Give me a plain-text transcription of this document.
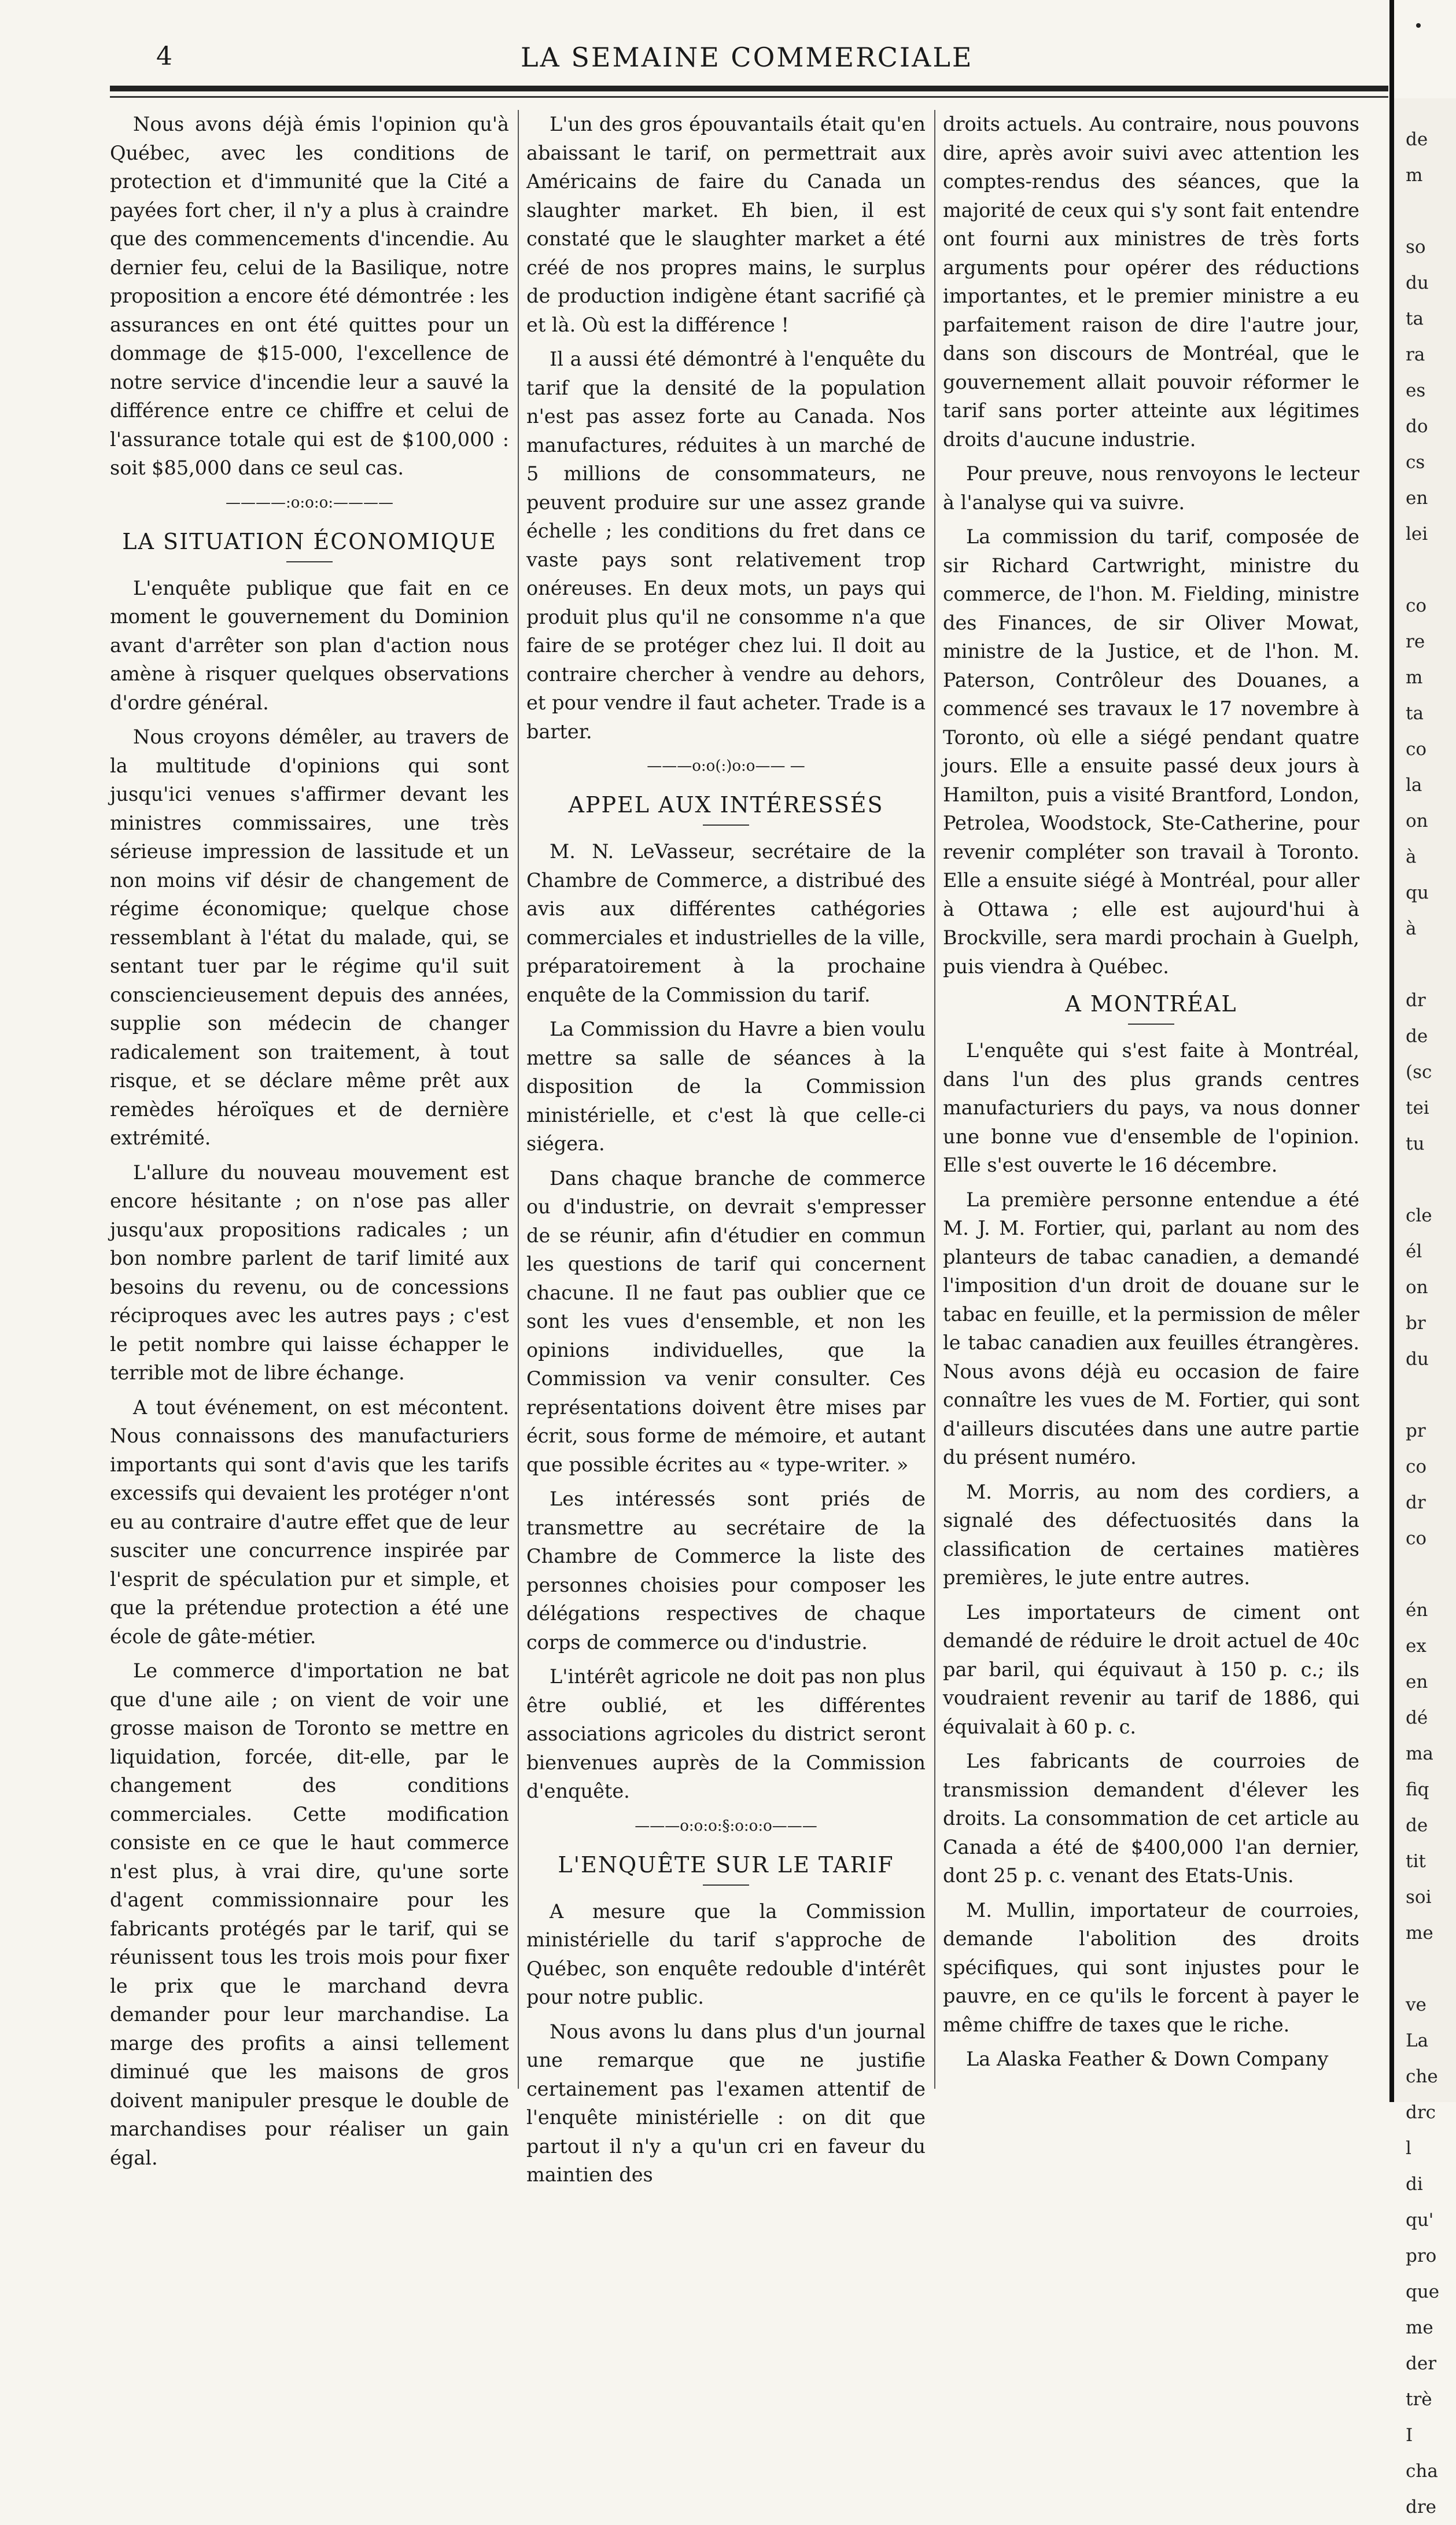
4	LA SEMAINE COMMERCIALE

Nous avons déjà émis l'opinion qu'à Québec, avec les conditions de protection et d'immunité que la Cité a payées fort cher, il n'y a plus à craindre que des commencements d'incendie. Au dernier feu, celui de la Basilique, notre proposition a encore été démontrée : les assurances en ont été quittes pour un dommage de $15-000, l'excellence de notre service d'incendie leur a sauvé la différence entre ce chiffre et celui de l'assurance totale qui est de $100,000 : soit $85,000 dans ce seul cas.

————:o:o:o:————
LA SITUATION ÉCONOMIQUE

L'enquête publique que fait en ce moment le gouvernement du Dominion avant d'arrêter son plan d'action nous amène à risquer quelques observations d'ordre général.

Nous croyons démêler, au travers de la multitude d'opinions qui sont jusqu'ici venues s'affirmer devant les ministres commissaires, une très sérieuse impression de lassitude et un non moins vif désir de changement de régime économique; quelque chose ressemblant à l'état du malade, qui, se sentant tuer par le régime qu'il suit consciencieusement depuis des années, supplie son médecin de changer radicalement son traitement, à tout risque, et se déclare même prêt aux remèdes héroïques et de dernière extrémité.

L'allure du nouveau mouvement est encore hésitante ; on n'ose pas aller jusqu'aux propositions radicales ; un bon nombre parlent de tarif limité aux besoins du revenu, ou de concessions réciproques avec les autres pays ; c'est le petit nombre qui laisse échapper le terrible mot de libre échange.

A tout événement, on est mécontent. Nous connaissons des manufacturiers importants qui sont d'avis que les tarifs excessifs qui devaient les protéger n'ont eu au contraire d'autre effet que de leur susciter une concurrence inspirée par l'esprit de spéculation pur et simple, et que la prétendue protection a été une école de gâte-métier.

Le commerce d'importation ne bat que d'une aile ; on vient de voir une grosse maison de Toronto se mettre en liquidation, forcée, dit-elle, par le changement des conditions commerciales. Cette modification consiste en ce que le haut commerce n'est plus, à vrai dire, qu'une sorte d'agent commissionnaire pour les fabricants protégés par le tarif, qui se réunissent tous les trois mois pour fixer le prix que le marchand devra demander pour leur marchandise. La marge des profits a ainsi tellement diminué que les maisons de gros doivent manipuler presque le double de marchandises pour réaliser un gain égal.

L'un des gros épouvantails était qu'en abaissant le tarif, on permettrait aux Américains de faire du Canada un slaughter market. Eh bien, il est constaté que le slaughter market a été créé de nos propres mains, le surplus de production indigène étant sacrifié çà et là. Où est la différence !

Il a aussi été démontré à l'enquête du tarif que la densité de la population n'est pas assez forte au Canada. Nos manufactures, réduites à un marché de 5 millions de consommateurs, ne peuvent produire sur une assez grande échelle ; les conditions du fret dans ce vaste pays sont relativement trop onéreuses. En deux mots, un pays qui produit plus qu'il ne consomme n'a que faire de se protéger chez lui. Il doit au contraire chercher à vendre au dehors, et pour vendre il faut acheter. Trade is a barter.

———o:o(:)o:o—— —
APPEL AUX INTÉRESSÉS

M. N. LeVasseur, secrétaire de la Chambre de Commerce, a distribué des avis aux différentes cathégories commerciales et industrielles de la ville, préparatoirement à la prochaine enquête de la Commission du tarif.

La Commission du Havre a bien voulu mettre sa salle de séances à la disposition de la Commission ministérielle, et c'est là que celle-ci siégera.

Dans chaque branche de commerce ou d'industrie, on devrait s'empresser de se réunir, afin d'étudier en commun les questions de tarif qui concernent chacune. Il ne faut pas oublier que ce sont les vues d'ensemble, et non les opinions individuelles, que la Commission va venir consulter. Ces représentations doivent être mises par écrit, sous forme de mémoire, et autant que possible écrites au « type-writer. »

Les intéressés sont priés de transmettre au secrétaire de la Chambre de Commerce la liste des personnes choisies pour composer les délégations respectives de chaque corps de commerce ou d'industrie.

L'intérêt agricole ne doit pas non plus être oublié, et les différentes associations agricoles du district seront bienvenues auprès de la Commission d'enquête.

———o:o:o:§:o:o:o———
L'ENQUÊTE SUR LE TARIF

A mesure que la Commission ministérielle du tarif s'approche de Québec, son enquête redouble d'intérêt pour notre public.

Nous avons lu dans plus d'un journal une remarque que ne justifie certainement pas l'examen attentif de l'enquête ministérielle : on dit que partout il n'y a qu'un cri en faveur du maintien des

droits actuels. Au contraire, nous pouvons dire, après avoir suivi avec attention les comptes-rendus des séances, que la majorité de ceux qui s'y sont fait entendre ont fourni aux ministres de très forts arguments pour opérer des réductions importantes, et le premier ministre a eu parfaitement raison de dire l'autre jour, dans son discours de Montréal, que le gouvernement allait pouvoir réformer le tarif sans porter atteinte aux légitimes droits d'aucune industrie.

Pour preuve, nous renvoyons le lecteur à l'analyse qui va suivre.

La commission du tarif, composée de sir Richard Cartwright, ministre du commerce, de l'hon. M. Fielding, ministre des Finances, de sir Oliver Mowat, ministre de la Justice, et de l'hon. M. Paterson, Contrôleur des Douanes, a commencé ses travaux le 17 novembre à Toronto, où elle a siégé pendant quatre jours. Elle a ensuite passé deux jours à Hamilton, puis a visité Brantford, London, Petrolea, Woodstock, Ste-Catherine, pour revenir compléter son travail à Toronto. Elle a ensuite siégé à Montréal, pour aller à Ottawa ; elle est aujourd'hui à Brockville, sera mardi prochain à Guelph, puis viendra à Québec.

A MONTRÉAL

L'enquête qui s'est faite à Montréal, dans l'un des plus grands centres manufacturiers du pays, va nous donner une bonne vue d'ensemble de l'opinion. Elle s'est ouverte le 16 décembre.

La première personne entendue a été M. J. M. Fortier, qui, parlant au nom des planteurs de tabac canadien, a demandé l'imposition d'un droit de douane sur le tabac en feuille, et la permission de mêler le tabac canadien aux feuilles étrangères. Nous avons déjà eu occasion de faire connaître les vues de M. Fortier, qui sont d'ailleurs discutées dans une autre partie du présent numéro.

M. Morris, au nom des cordiers, a signalé des défectuosités dans la classification de certaines matières premières, le jute entre autres.

Les importateurs de ciment ont demandé de réduire le droit actuel de 40c par baril, qui équivaut à 150 p. c.; ils voudraient revenir au tarif de 1886, qui équivalait à 60 p. c.

Les fabricants de courroies de transmission demandent d'élever les droits. La consommation de cet article au Canada a été de $400,000 l'an dernier, dont 25 p. c. venant des Etats-Unis.

M. Mullin, importateur de courroies, demande l'abolition des droits spécifiques, qui sont injustes pour le pauvre, en ce qu'ils le forcent à payer le même chiffre de taxes que le riche.

La Alaska Feather & Down Company

de
m

so
du
ta
ra
es
do
cs
en
lei

co
re
m
ta
co
la
on
à
qu
à

dr
de
(sc
tei
tu

cle
él
on
br
du

pr
co
dr
co

én
ex
en
dé
ma
fiq
de
tit
soi
me

ve
La
che
drc
l
di
qu'
pro
que
me
der
trè
I
cha
dre
